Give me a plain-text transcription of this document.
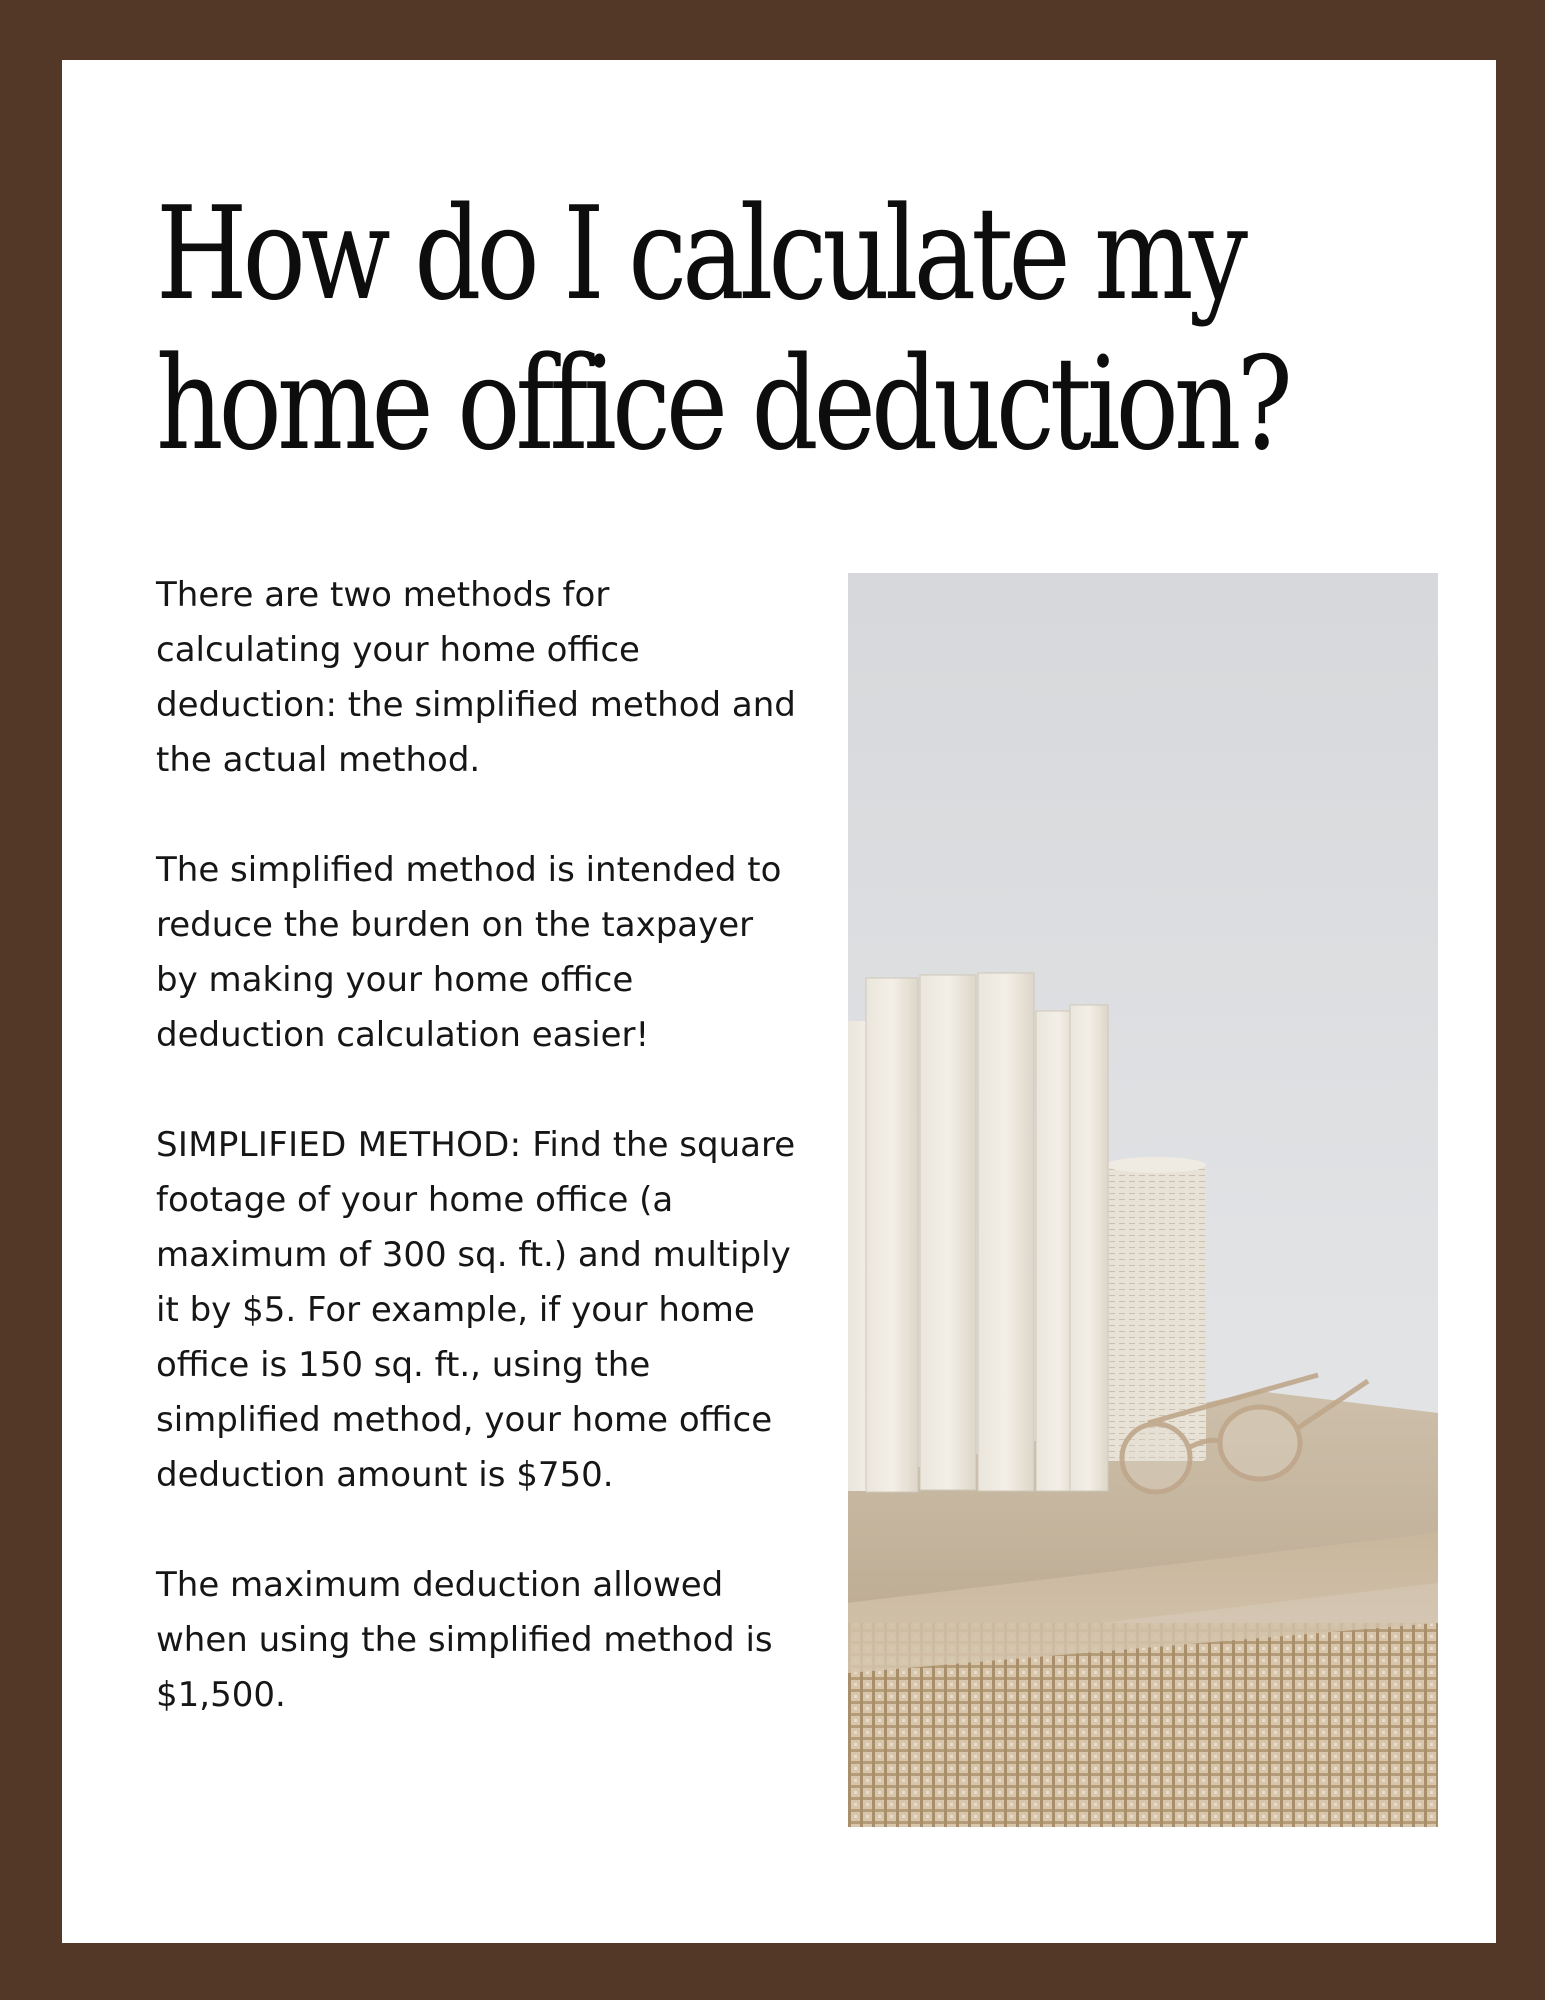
How do I calculate my
home office deduction?

There are two methods for calculating your home office deduction: the simplified method and the actual method.

The simplified method is intended to reduce the burden on the taxpayer by making your home office deduction calculation easier!

SIMPLIFIED METHOD: Find the square footage of your home office (a maximum of 300 sq. ft.) and multiply it by $5. For example, if your home office is 150 sq. ft., using the simplified method, your home office deduction amount is $750.

The maximum deduction allowed when using the simplified method is $1,500.
